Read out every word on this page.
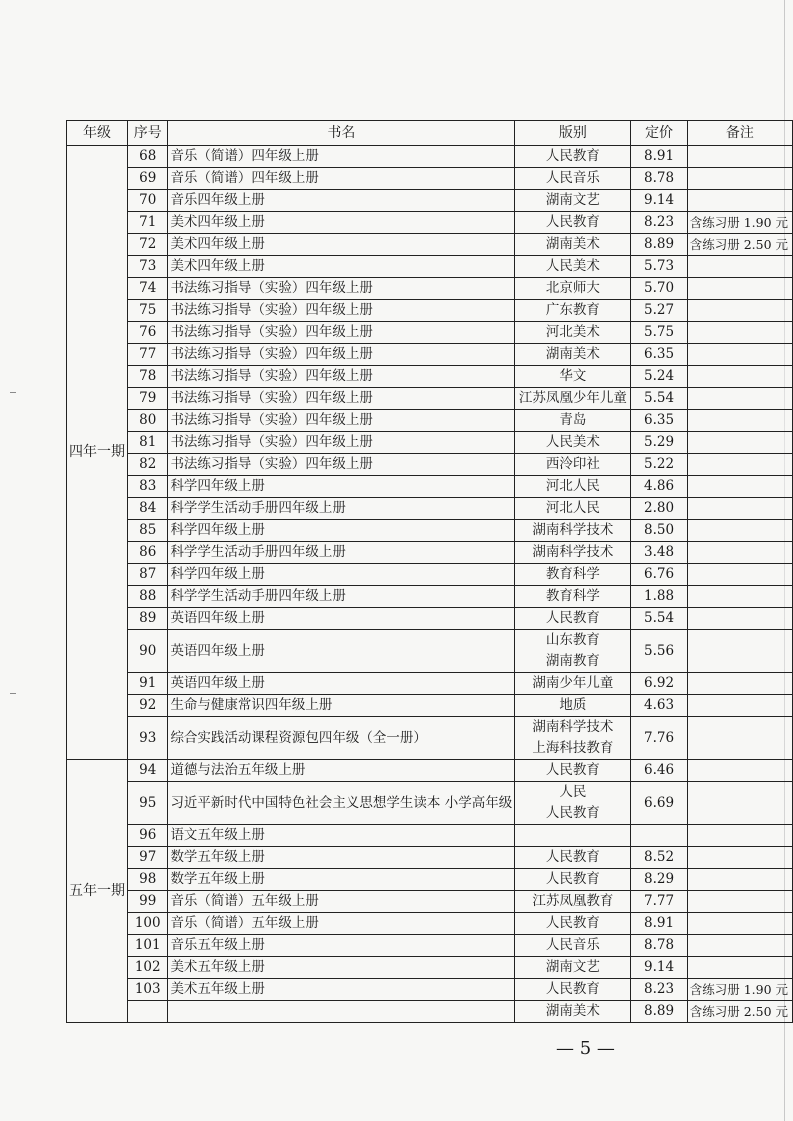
年级	序号	书名	版别	定价	备注
四年一期	68	音乐（简谱）四年级上册	人民教育	8.91	
	69	音乐（简谱）四年级上册	人民音乐	8.78	
	70	音乐四年级上册	湖南文艺	9.14	
	71	美术四年级上册	人民教育	8.23	含练习册 1.90 元
	72	美术四年级上册	湖南美术	8.89	含练习册 2.50 元
	73	美术四年级上册	人民美术	5.73	
	74	书法练习指导（实验）四年级上册	北京师大	5.70	
	75	书法练习指导（实验）四年级上册	广东教育	5.27	
	76	书法练习指导（实验）四年级上册	河北美术	5.75	
	77	书法练习指导（实验）四年级上册	湖南美术	6.35	
	78	书法练习指导（实验）四年级上册	华文	5.24	
	79	书法练习指导（实验）四年级上册	江苏凤凰少年儿童	5.54	
	80	书法练习指导（实验）四年级上册	青岛	6.35	
	81	书法练习指导（实验）四年级上册	人民美术	5.29	
	82	书法练习指导（实验）四年级上册	西泠印社	5.22	
	83	科学四年级上册	河北人民	4.86	
	84	科学学生活动手册四年级上册	河北人民	2.80	
	85	科学四年级上册	湖南科学技术	8.50	
	86	科学学生活动手册四年级上册	湖南科学技术	3.48	
	87	科学四年级上册	教育科学	6.76	
	88	科学学生活动手册四年级上册	教育科学	1.88	
	89	英语四年级上册	人民教育	5.54	
	90	英语四年级上册	山东教育
湖南教育	5.56	
	91	英语四年级上册	湖南少年儿童	6.92	
	92	生命与健康常识四年级上册	地质	4.63	
	93	综合实践活动课程资源包四年级（全一册）	湖南科学技术
上海科技教育	7.76	
五年一期	94	道德与法治五年级上册	人民教育	6.46	
	95	习近平新时代中国特色社会主义思想学生读本 小学高年级	人民
人民教育	6.69	
	96	语文五年级上册			
	97	数学五年级上册	人民教育	8.52	
	98	数学五年级上册	人民教育	8.29	
	99	音乐（简谱）五年级上册	江苏凤凰教育	7.77	
	100	音乐（简谱）五年级上册	人民教育	8.91	
	101	音乐五年级上册	人民音乐	8.78	
	102	美术五年级上册	湖南文艺	9.14	
	103	美术五年级上册	人民教育	8.23	含练习册 1.90 元
			湖南美术	8.89	含练习册 2.50 元
— 5 —
